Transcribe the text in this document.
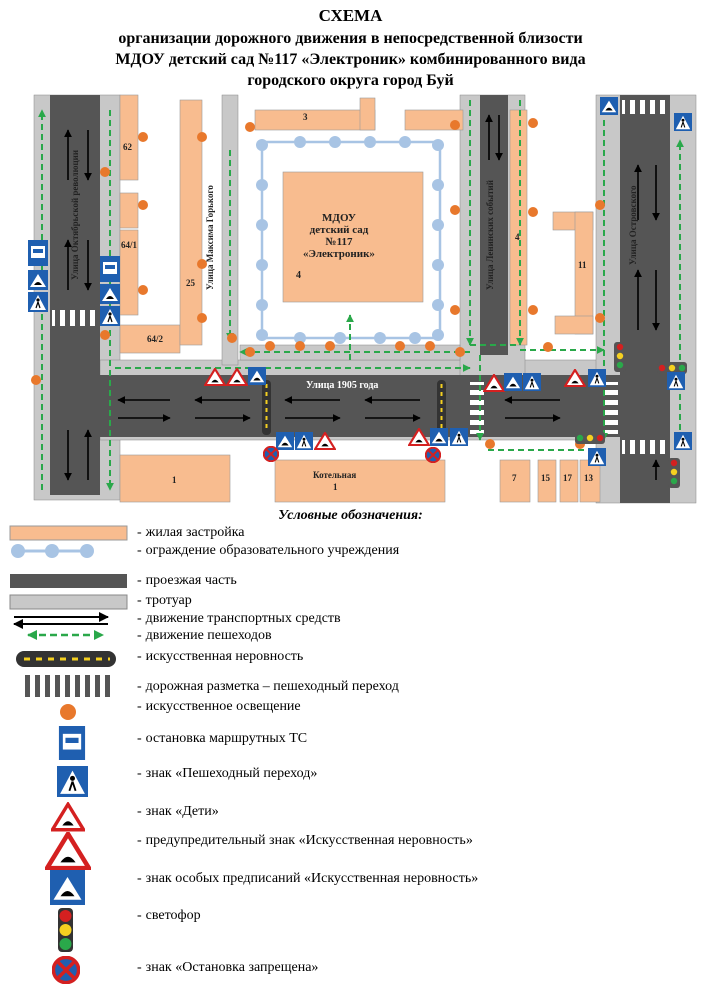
СХЕМА
организации дорожного движения в непосредственной близости
МДОУ детский сад №117 «Электроник» комбинированного вида
городского округа город Буй
МДОУ
детский сад
№117
«Электроник»
4
Улица Октябрьской революции	Улица Максима Горького	Улица Ленинских событий	Улица Островского
Улица 1905 года
62
64/1
64/2
25
3
4
11
1	Котельная
1
7	15 17 13
Условные обозначения:
- жилая застройка
- ограждение образовательного учреждения
- проезжая часть
- тротуар
- движение транспортных средств
- движение пешеходов
- искусственная неровность
- дорожная разметка – пешеходный переход
- искусственное освещение
- остановка маршрутных ТС
- знак «Пешеходный переход»
- знак «Дети»
- предупредительный знак «Искусственная неровность»
- знак особых предписаний «Искусственная неровность»
- светофор
- знак «Остановка запрещена»
